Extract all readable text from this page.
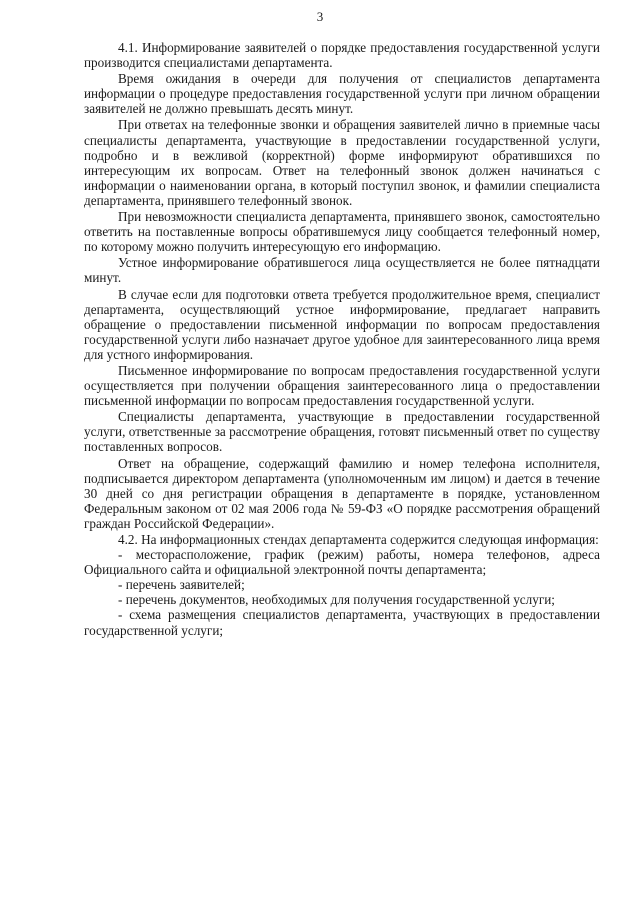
3

4.1. Информирование заявителей о порядке предоставления государственной услуги производится специалистами департамента.

Время ожидания в очереди для получения от специалистов департамента информации о процедуре предоставления государственной услуги при личном обращении заявителей не должно превышать десять минут.

При ответах на телефонные звонки и обращения заявителей лично в приемные часы специалисты департамента, участвующие в предоставлении государственной услуги, подробно и в вежливой (корректной) форме информируют обратившихся по интересующим их вопросам. Ответ на телефонный звонок должен начинаться с информации о наименовании органа, в который поступил звонок, и фамилии специалиста департамента, принявшего телефонный звонок.

При невозможности специалиста департамента, принявшего звонок, самостоятельно ответить на поставленные вопросы обратившемуся лицу сообщается телефонный номер, по которому можно получить интересующую его информацию.

Устное информирование обратившегося лица осуществляется не более пятнадцати минут.

В случае если для подготовки ответа требуется продолжительное время, специалист департамента, осуществляющий устное информирование, предлагает направить обращение о предоставлении письменной информации по вопросам предоставления государственной услуги либо назначает другое удобное для заинтересованного лица время для устного информирования.

Письменное информирование по вопросам предоставления государственной услуги осуществляется при получении обращения заинтересованного лица о предоставлении письменной информации по вопросам предоставления государственной услуги.

Специалисты департамента, участвующие в предоставлении государственной услуги, ответственные за рассмотрение обращения, готовят письменный ответ по существу поставленных вопросов.

Ответ на обращение, содержащий фамилию и номер телефона исполнителя, подписывается директором департамента (уполномоченным им лицом) и дается в течение 30 дней со дня регистрации обращения в департаменте в порядке, установленном Федеральным законом от 02 мая 2006 года № 59-ФЗ «О порядке рассмотрения обращений граждан Российской Федерации».

4.2. На информационных стендах департамента содержится следующая информация:

- месторасположение, график (режим) работы, номера телефонов, адреса Официального сайта и официальной электронной почты департамента;

- перечень заявителей;

- перечень документов, необходимых для получения государственной услуги;

- схема размещения специалистов департамента, участвующих в предоставлении государственной услуги;
